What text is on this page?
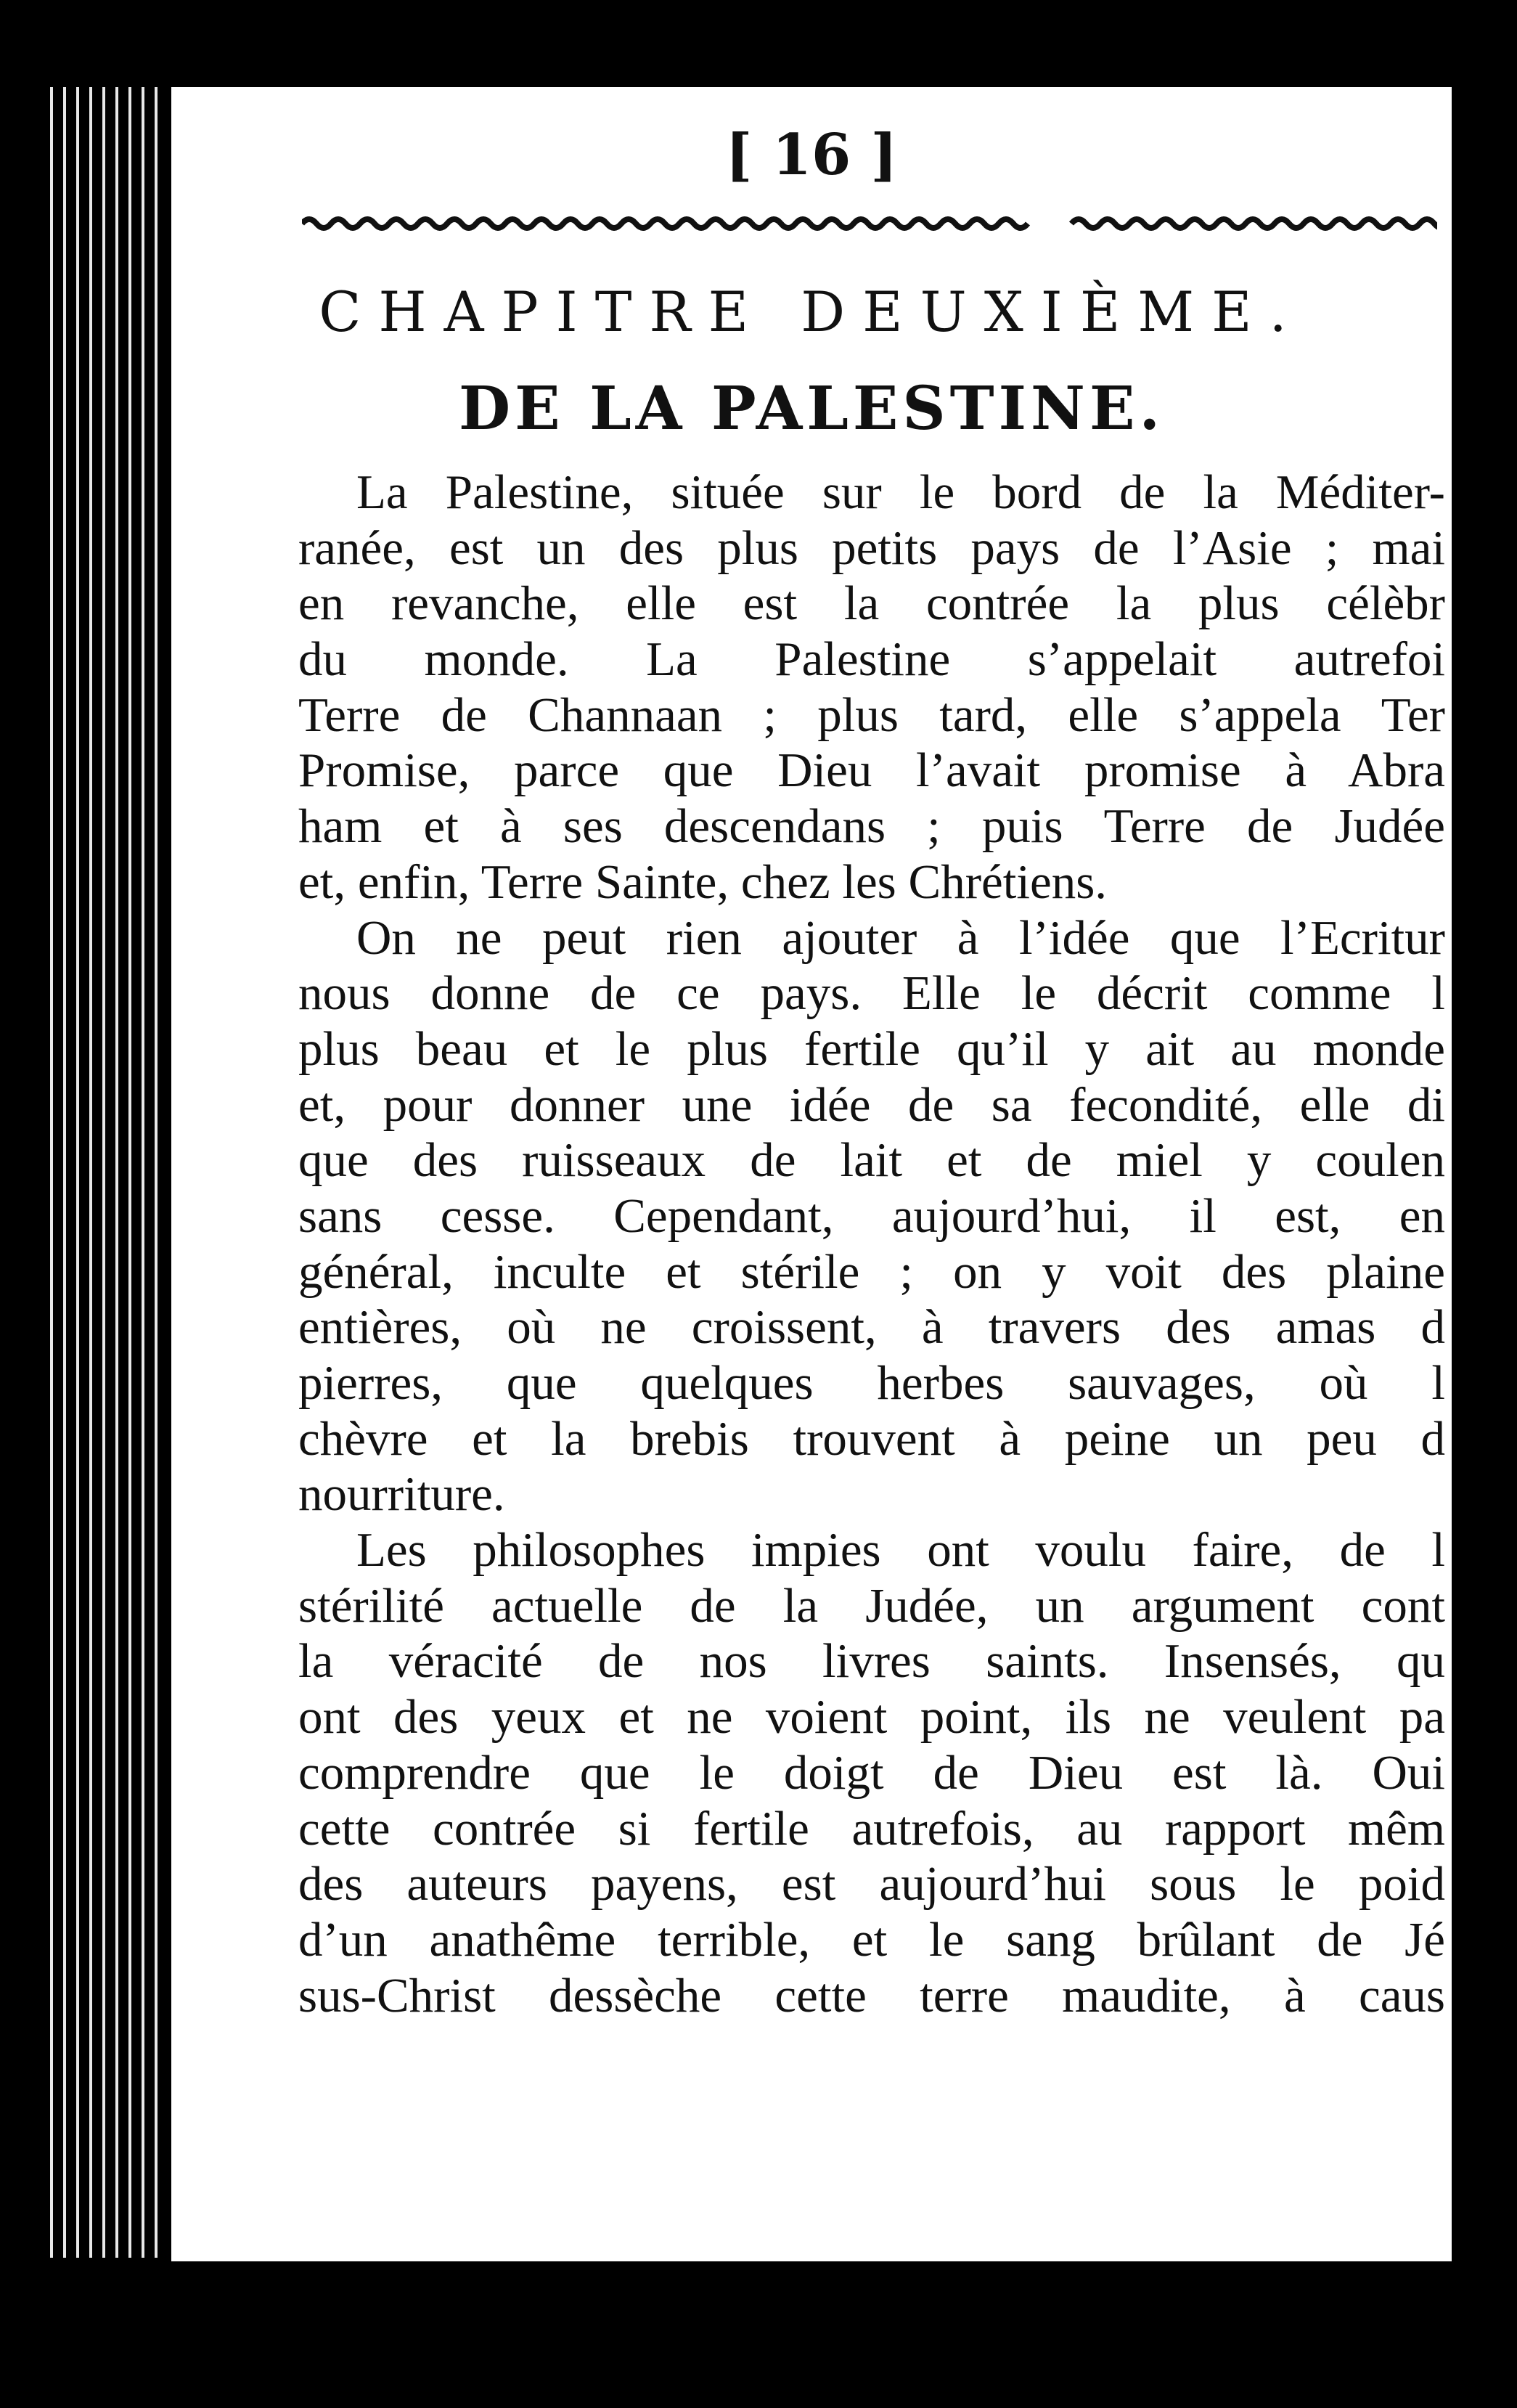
[ 16 ]
CHAPITRE DEUXIÈME.
DE LA PALESTINE.
La Palestine, située sur le bord de la Méditer-
ranée, est un des plus petits pays de l’Asie ; mai
en revanche, elle est la contrée la plus célèbr
du monde. La Palestine s’appelait autrefoi
Terre de Channaan ; plus tard, elle s’appela Ter
Promise, parce que Dieu l’avait promise à Abra
ham et à ses descendans ; puis Terre de Judée
et, enfin, Terre Sainte, chez les Chrétiens.
On ne peut rien ajouter à l’idée que l’Ecritur
nous donne de ce pays. Elle le décrit comme l
plus beau et le plus fertile qu’il y ait au monde
et, pour donner une idée de sa fecondité, elle di
que des ruisseaux de lait et de miel y coulen
sans cesse. Cependant, aujourd’hui, il est, en
général, inculte et stérile ; on y voit des plaine
entières, où ne croissent, à travers des amas d
pierres, que quelques herbes sauvages, où l
chèvre et la brebis trouvent à peine un peu d
nourriture.
Les philosophes impies ont voulu faire, de l
stérilité actuelle de la Judée, un argument cont
la véracité de nos livres saints. Insensés, qu
ont des yeux et ne voient point, ils ne veulent pa
comprendre que le doigt de Dieu est là. Oui
cette contrée si fertile autrefois, au rapport mêm
des auteurs payens, est aujourd’hui sous le poid
d’un anathême terrible, et le sang brûlant de Jé
sus-Christ dessèche cette terre maudite, à caus
